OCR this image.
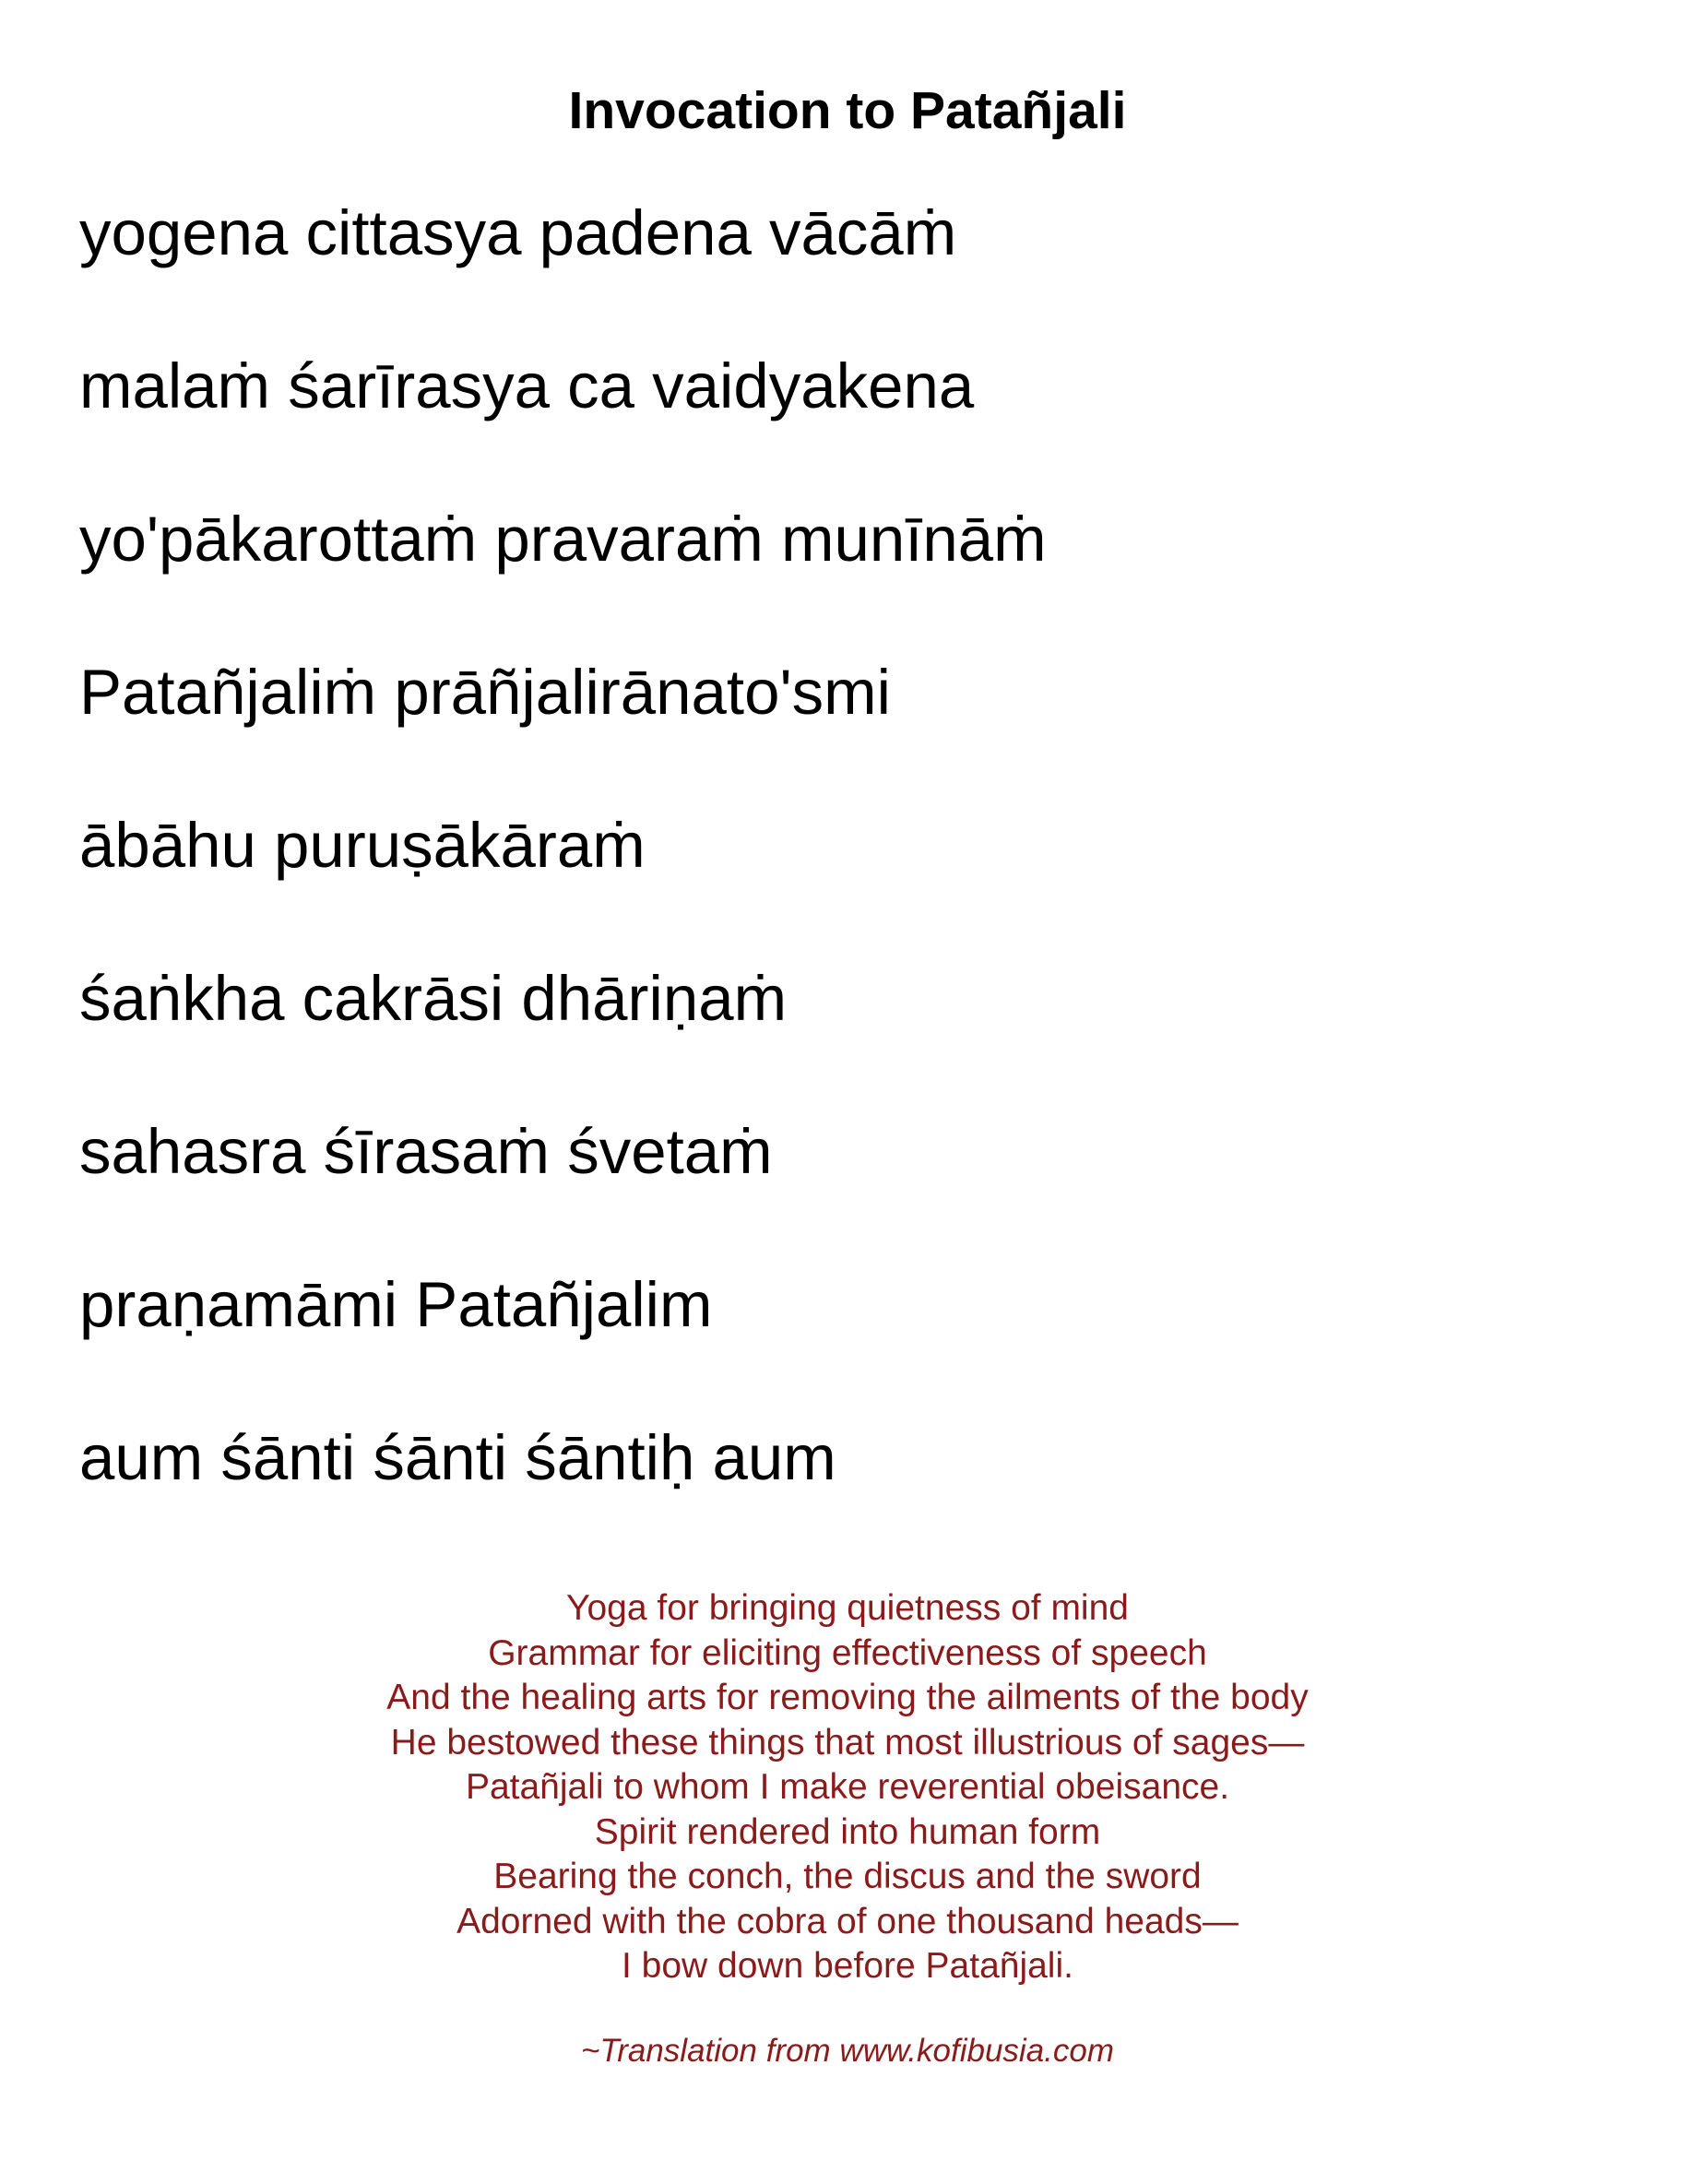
Invocation to Patañjali
yogena cittasya padena vācāṁ
malaṁ śarīrasya ca vaidyakena
yo'pākarottaṁ pravaraṁ munīnāṁ
Patañjaliṁ prāñjalirānato'smi
ābāhu puruṣākāraṁ
śaṅkha cakrāsi dhāriṇaṁ
sahasra śīrasaṁ śvetaṁ
praṇamāmi Patañjalim
aum śānti śānti śāntiḥ aum
Yoga for bringing quietness of mind
Grammar for eliciting effectiveness of speech
And the healing arts for removing the ailments of the body
He bestowed these things that most illustrious of sages—
Patañjali to whom I make reverential obeisance.
Spirit rendered into human form
Bearing the conch, the discus and the sword
Adorned with the cobra of one thousand heads—
I bow down before Patañjali.

~Translation from www.kofibusia.com
